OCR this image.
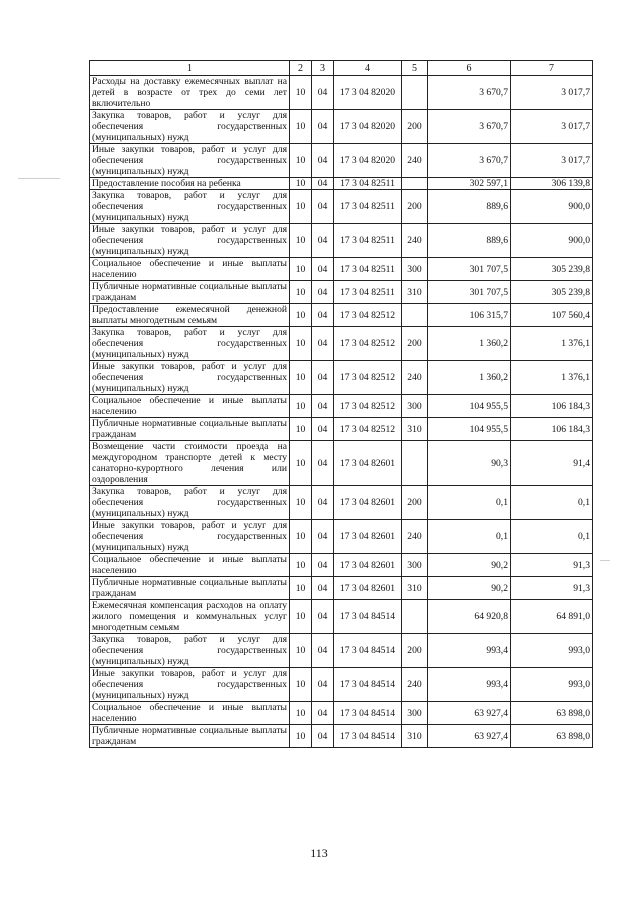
1	2	3	4	5	6	7
Расходы на доставку ежемесячных выплат на детей в возрасте от трех до семи лет включительно	10	04	17 3 04 82020		3 670,7	3 017,7
Закупка товаров, работ и услуг для обеспечения государственных (муниципальных) нужд	10	04	17 3 04 82020	200	3 670,7	3 017,7
Иные закупки товаров, работ и услуг для обеспечения государственных (муниципальных) нужд	10	04	17 3 04 82020	240	3 670,7	3 017,7
Предоставление пособия на ребенка	10	04	17 3 04 82511		302 597,1	306 139,8
Закупка товаров, работ и услуг для обеспечения государственных (муниципальных) нужд	10	04	17 3 04 82511	200	889,6	900,0
Иные закупки товаров, работ и услуг для обеспечения государственных (муниципальных) нужд	10	04	17 3 04 82511	240	889,6	900,0
Социальное обеспечение и иные выплаты населению	10	04	17 3 04 82511	300	301 707,5	305 239,8
Публичные нормативные социальные выплаты гражданам	10	04	17 3 04 82511	310	301 707,5	305 239,8
Предоставление ежемесячной денежной выплаты многодетным семьям	10	04	17 3 04 82512		106 315,7	107 560,4
Закупка товаров, работ и услуг для обеспечения государственных (муниципальных) нужд	10	04	17 3 04 82512	200	1 360,2	1 376,1
Иные закупки товаров, работ и услуг для обеспечения государственных (муниципальных) нужд	10	04	17 3 04 82512	240	1 360,2	1 376,1
Социальное обеспечение и иные выплаты населению	10	04	17 3 04 82512	300	104 955,5	106 184,3
Публичные нормативные социальные выплаты гражданам	10	04	17 3 04 82512	310	104 955,5	106 184,3
Возмещение части стоимости проезда на междугородном транспорте детей к месту санаторно-курортного лечения или оздоровления	10	04	17 3 04 82601		90,3	91,4
Закупка товаров, работ и услуг для обеспечения государственных (муниципальных) нужд	10	04	17 3 04 82601	200	0,1	0,1
Иные закупки товаров, работ и услуг для обеспечения государственных (муниципальных) нужд	10	04	17 3 04 82601	240	0,1	0,1
Социальное обеспечение и иные выплаты населению	10	04	17 3 04 82601	300	90,2	91,3
Публичные нормативные социальные выплаты гражданам	10	04	17 3 04 82601	310	90,2	91,3
Ежемесячная компенсация расходов на оплату жилого помещения и коммунальных услуг многодетным семьям	10	04	17 3 04 84514		64 920,8	64 891,0
Закупка товаров, работ и услуг для обеспечения государственных (муниципальных) нужд	10	04	17 3 04 84514	200	993,4	993,0
Иные закупки товаров, работ и услуг для обеспечения государственных (муниципальных) нужд	10	04	17 3 04 84514	240	993,4	993,0
Социальное обеспечение и иные выплаты населению	10	04	17 3 04 84514	300	63 927,4	63 898,0
Публичные нормативные социальные выплаты гражданам	10	04	17 3 04 84514	310	63 927,4	63 898,0
113
